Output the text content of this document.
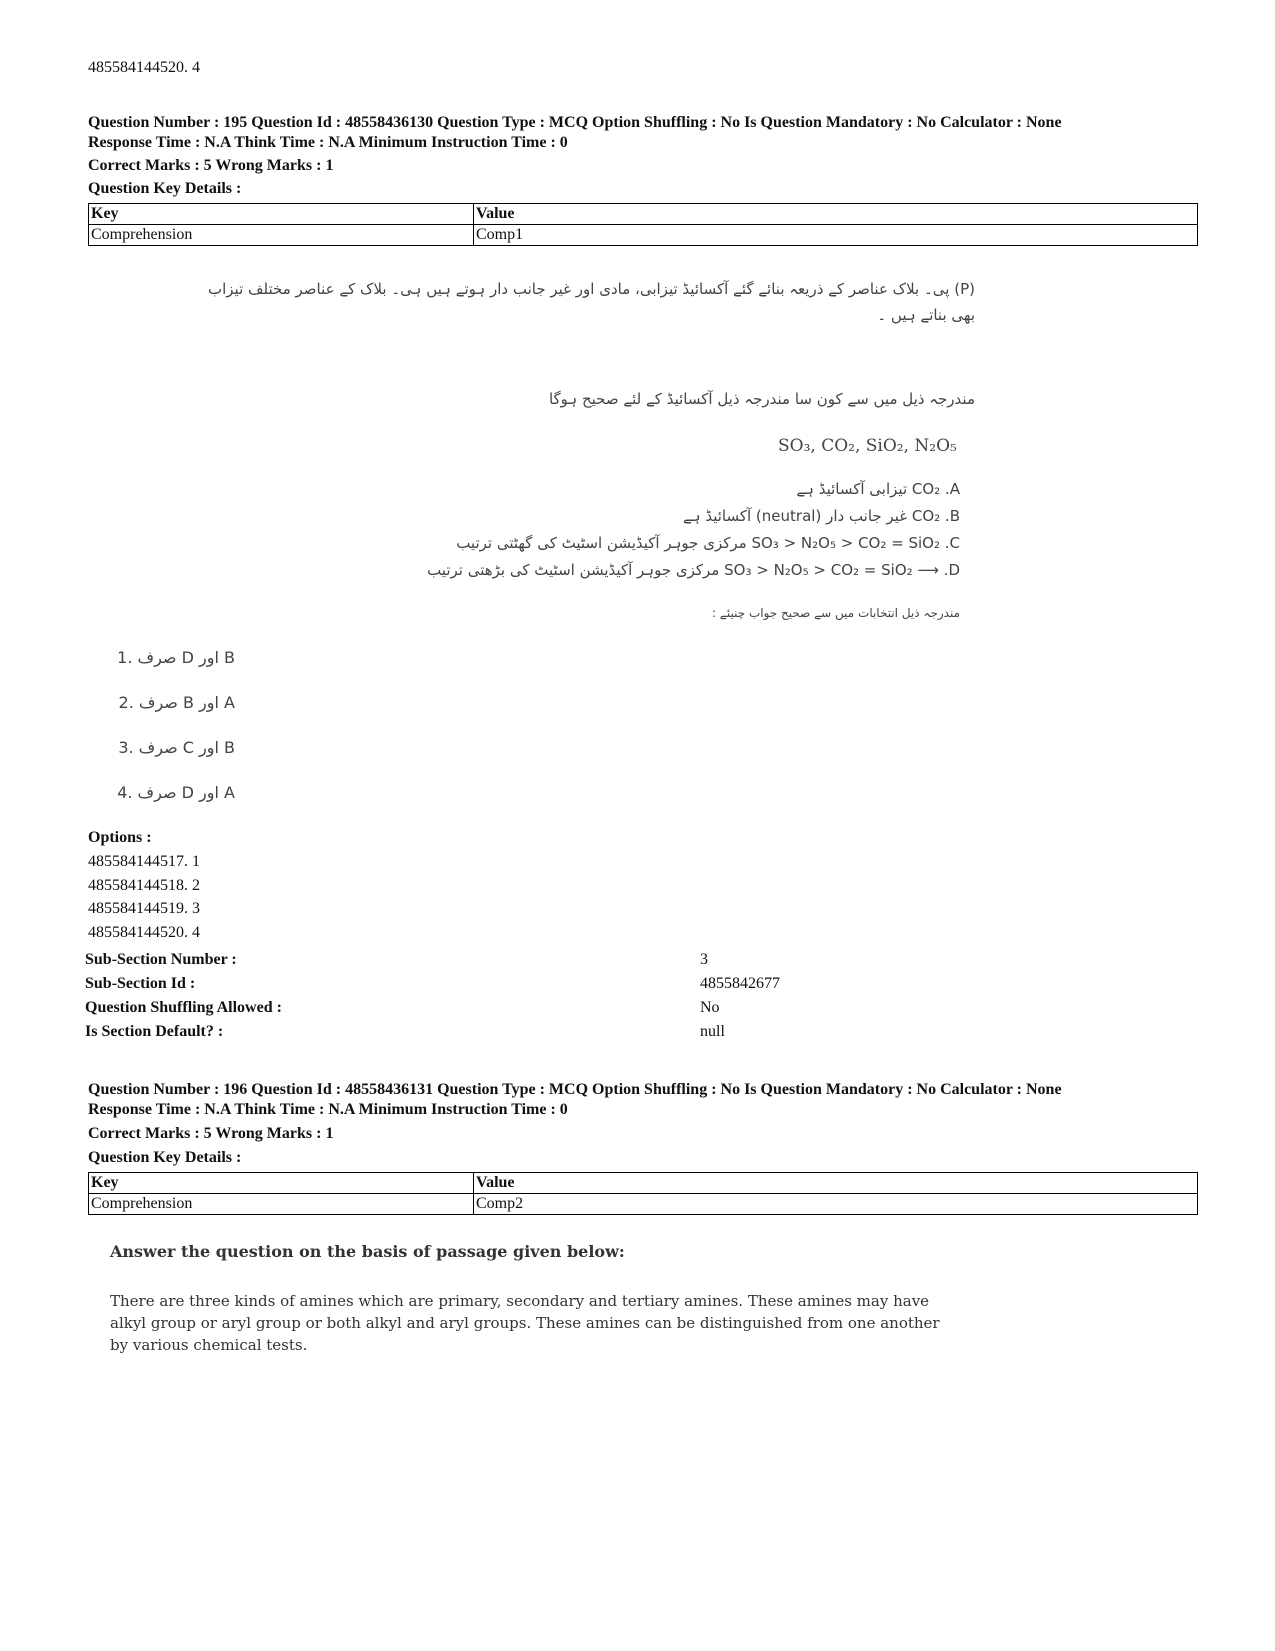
485584144520. 4
Question Number : 195 Question Id : 48558436130 Question Type : MCQ Option Shuffling : No Is Question Mandatory : No Calculator : None
Response Time : N.A Think Time : N.A Minimum Instruction Time : 0
Correct Marks : 5 Wrong Marks : 1
Question Key Details :
Key	Value
Comprehension	Comp1
(P) پی۔ بلاک عناصر کے ذریعہ بنائے گئے آکسائیڈ تیزابی، مادی اور غیر جانب دار ہوتے ہیں ہی۔ بلاک کے عناصر مختلف تیزاب
بھی بناتے ہیں ۔
مندرجہ ذیل میں سے کون سا مندرجہ ذیل آکسائیڈ کے لئے صحیح ہوگا
SO₃, CO₂, SiO₂, N₂O₅
CO₂ .A تیزابی آکسائیڈ ہے
CO₂ .B غیر جانب دار (neutral) آکسائیڈ ہے
SO₃ > N₂O₅ > CO₂ = SiO₂ .C مرکزی جوہر آکیڈیشن اسٹیٹ کی گھٹتی ترتیب
SO₃ > N₂O₅ > CO₂ = SiO₂ ⟶ .D مرکزی جوہر آکیڈیشن اسٹیٹ کی بڑھتی ترتیب
مندرجہ ذیل انتخابات میں سے صحیح جواب چنیئے :
B اور D صرف .1
A اور B صرف .2
B اور C صرف .3
A اور D صرف .4
Options :
485584144517. 1
485584144518. 2
485584144519. 3
485584144520. 4
Sub-Section Number :	3
Sub-Section Id :	4855842677
Question Shuffling Allowed :	No
Is Section Default? :	null
Question Number : 196 Question Id : 48558436131 Question Type : MCQ Option Shuffling : No Is Question Mandatory : No Calculator : None
Response Time : N.A Think Time : N.A Minimum Instruction Time : 0
Correct Marks : 5 Wrong Marks : 1
Question Key Details :
Key	Value
Comprehension	Comp2
Answer the question on the basis of passage given below:
There are three kinds of amines which are primary, secondary and tertiary amines. These amines may have
alkyl group or aryl group or both alkyl and aryl groups. These amines can be distinguished from one another
by various chemical tests.
